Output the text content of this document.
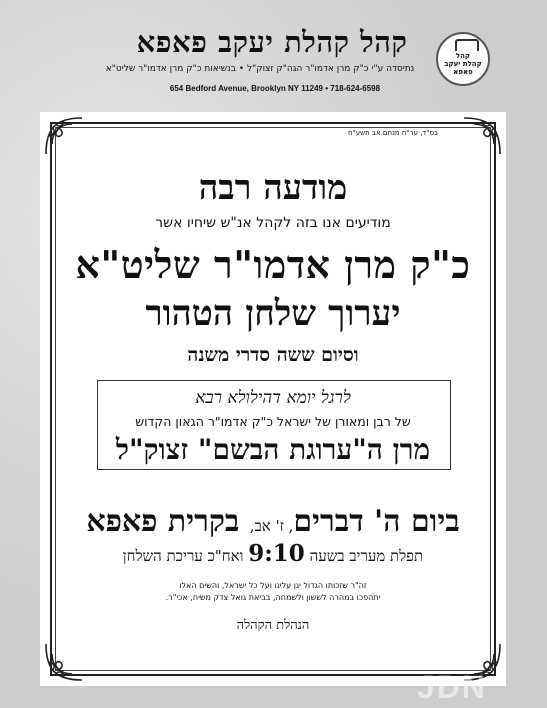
קהל
קהלת יעקב
פאפא
קהל קהלת יעקב פאפא
נתיסדה ע"י כ"ק מרן אדמו"ר הגה"ק זצוק"ל • בנשיאות כ"ק מרן אדמו"ר שליט"א
654 Bedford Avenue, Brooklyn NY 11249 • 718-624-6598
בס"ד, ער"ח מנחם אב תשע"ח
מודעה רבה
מודיעים אנו בזה לקהל אנ"ש שיחיו אשר
כ"ק מרן אדמו"ר שליט"א
יערוך שלחן הטהור
וסיום ששה סדרי משנה
לרגל יומא דהילולא רבא
של רבן ומאורן של ישראל כ"ק אדמו"ר הגאון הקדוש
מרן ה"ערוגת הבשם" זצוק"ל
ביום ה' דברים, ז' אב, בקרית פאפא
תפלת מעריב בשעה 9:10 ואח"כ עריכת השלחן
זה"ר שזכותו הגדול יגן עלינו ועל כל ישראל, והשים האלו
יתהפכו במהרה לששון ולשמחה, בביאת גואל צדק משיח, אכי"ר.
הנהלת הקהלה
JDN
